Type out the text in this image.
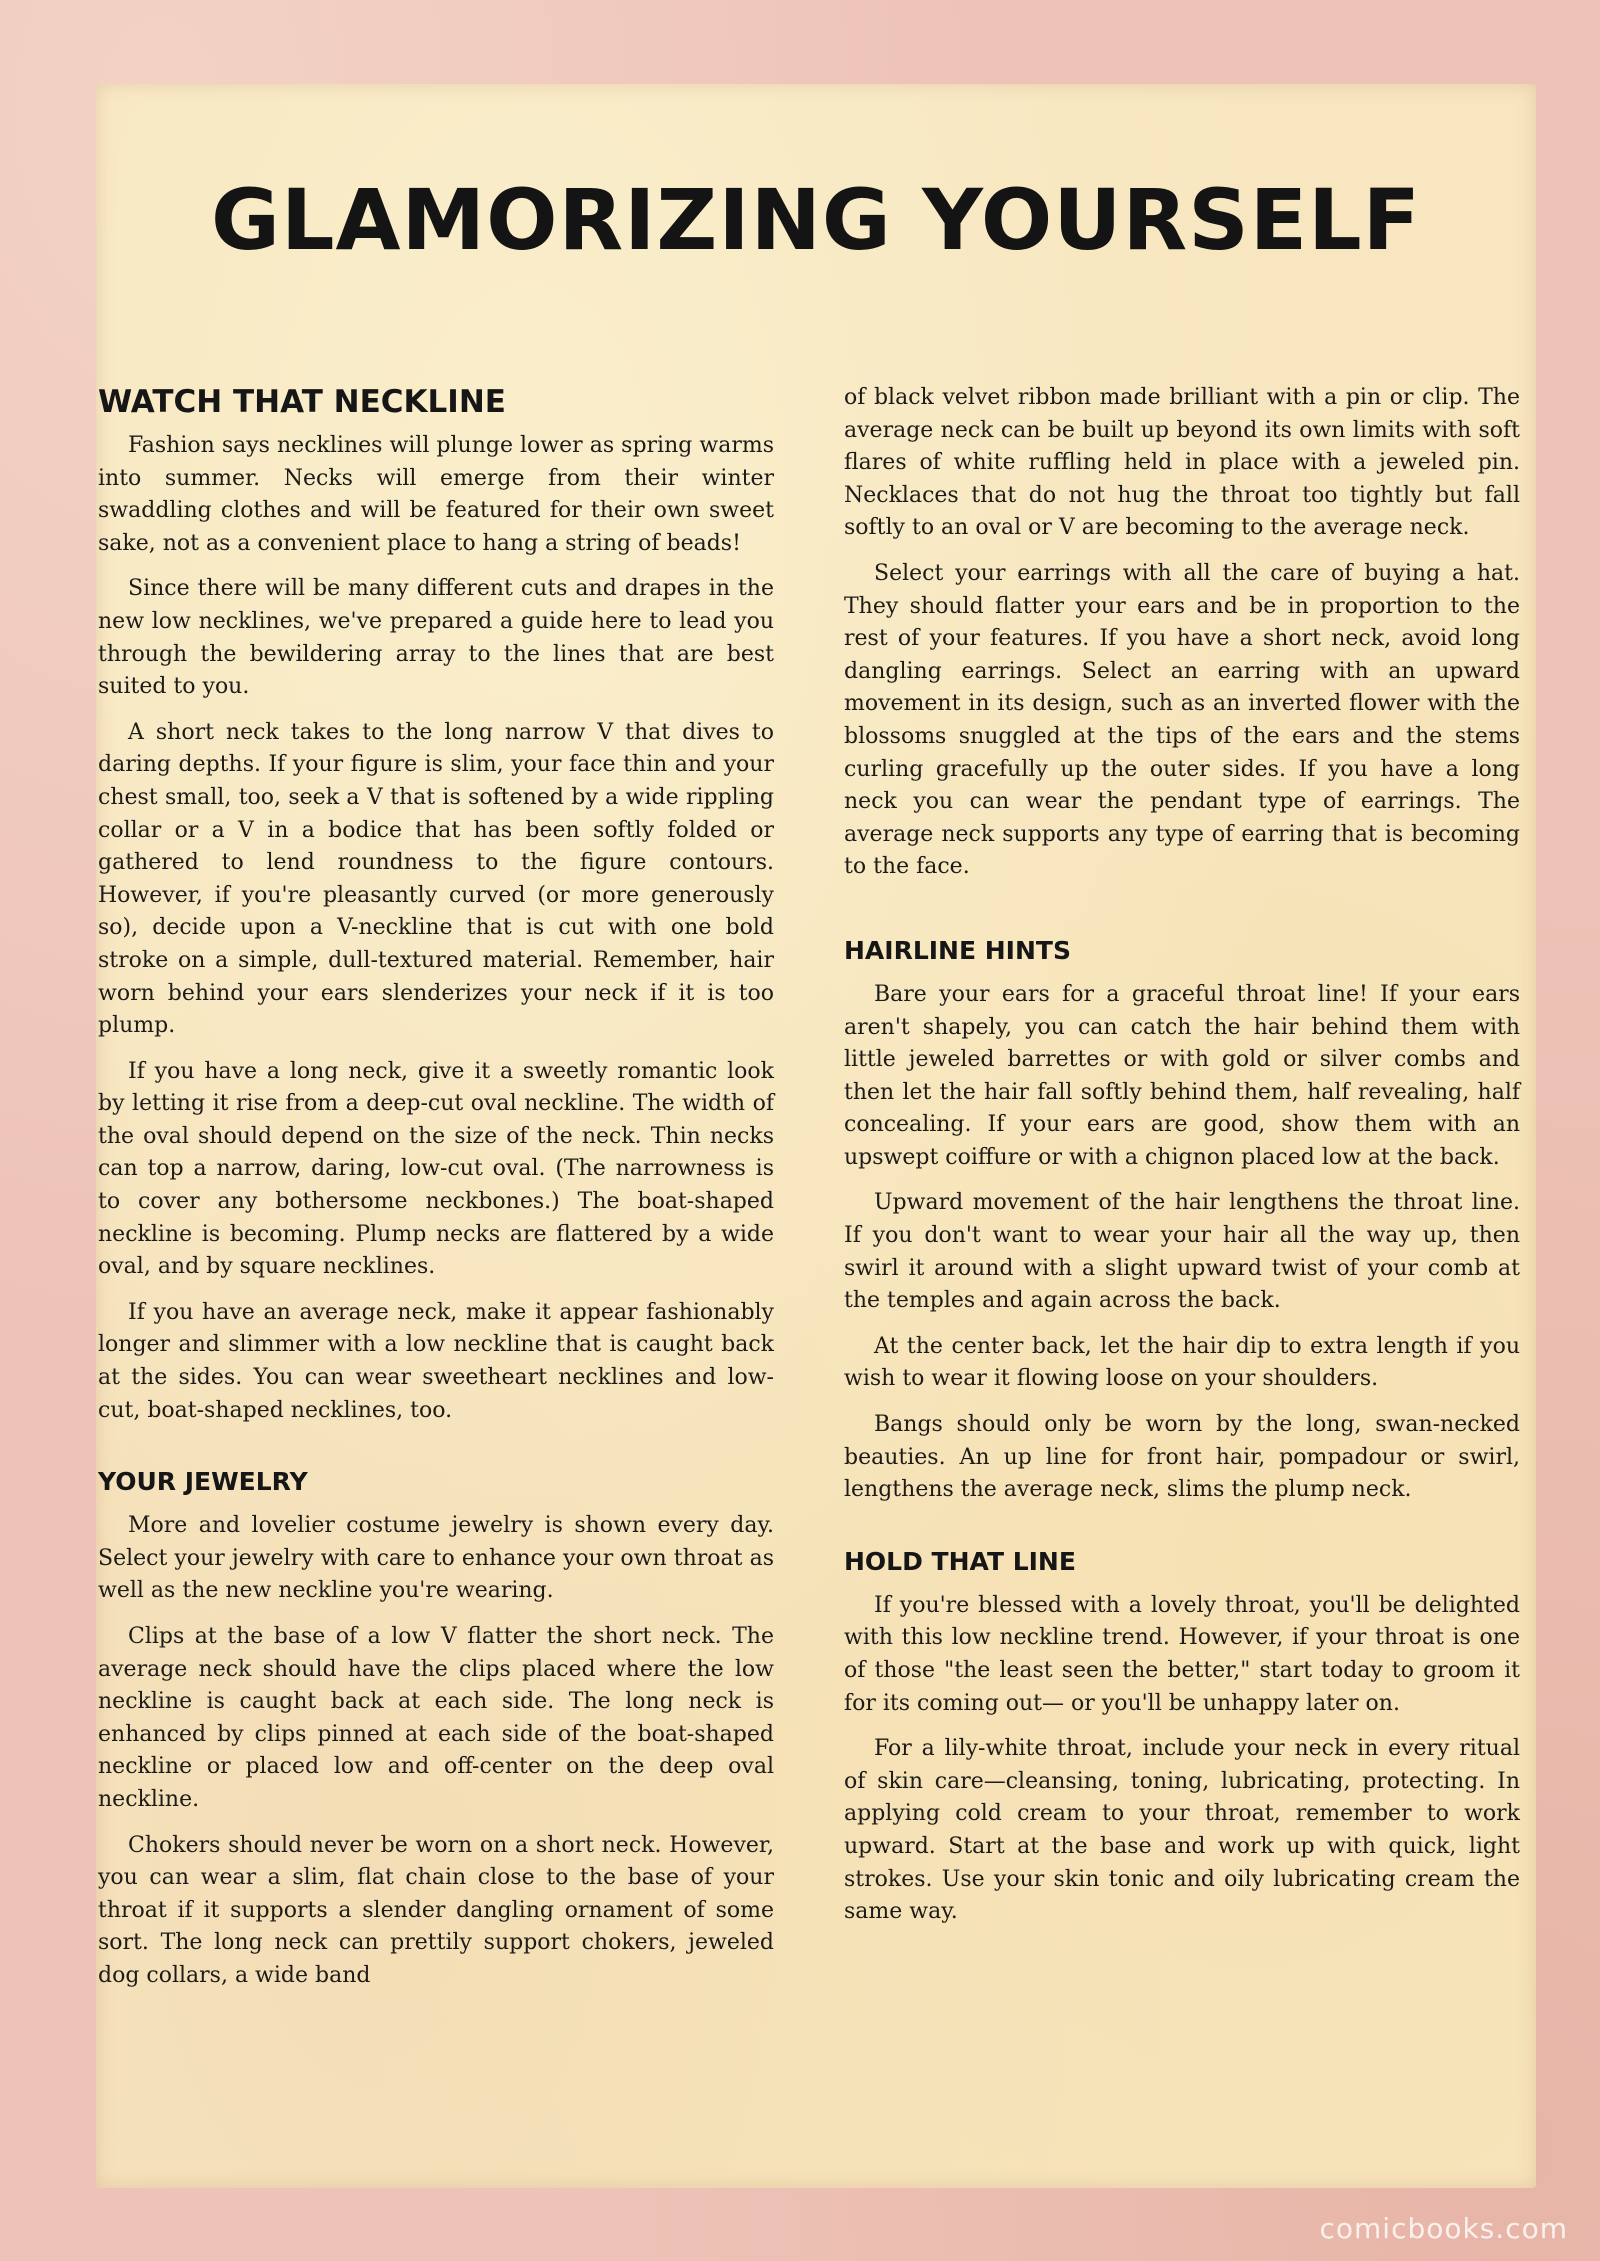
GLAMORIZING YOURSELF
WATCH THAT NECKLINE

Fashion says necklines will plunge lower as spring warms into summer. Necks will emerge from their winter swaddling clothes and will be featured for their own sweet sake, not as a convenient place to hang a string of beads!

Since there will be many different cuts and drapes in the new low necklines, we've prepared a guide here to lead you through the bewildering array to the lines that are best suited to you.

A short neck takes to the long narrow V that dives to daring depths. If your figure is slim, your face thin and your chest small, too, seek a V that is softened by a wide rippling collar or a V in a bodice that has been softly folded or gathered to lend roundness to the figure contours. However, if you're pleasantly curved (or more generously so), decide upon a V-neckline that is cut with one bold stroke on a simple, dull-textured material. Remember, hair worn behind your ears slenderizes your neck if it is too plump.

If you have a long neck, give it a sweetly romantic look by letting it rise from a deep-cut oval neckline. The width of the oval should depend on the size of the neck. Thin necks can top a narrow, daring, low-cut oval. (The narrowness is to cover any bothersome neckbones.) The boat-shaped neckline is becoming. Plump necks are flattered by a wide oval, and by square necklines.

If you have an average neck, make it appear fashionably longer and slimmer with a low neckline that is caught back at the sides. You can wear sweetheart necklines and low-cut, boat-shaped necklines, too.

YOUR JEWELRY

More and lovelier costume jewelry is shown every day. Select your jewelry with care to enhance your own throat as well as the new neckline you're wearing.

Clips at the base of a low V flatter the short neck. The average neck should have the clips placed where the low neckline is caught back at each side. The long neck is enhanced by clips pinned at each side of the boat-shaped neckline or placed low and off-center on the deep oval neckline.

Chokers should never be worn on a short neck. However, you can wear a slim, flat chain close to the base of your throat if it supports a slender dangling ornament of some sort. The long neck can prettily support chokers, jeweled dog collars, a wide band

of black velvet ribbon made brilliant with a pin or clip. The average neck can be built up beyond its own limits with soft flares of white ruffling held in place with a jeweled pin. Necklaces that do not hug the throat too tightly but fall softly to an oval or V are becoming to the average neck.

Select your earrings with all the care of buying a hat. They should flatter your ears and be in proportion to the rest of your features. If you have a short neck, avoid long dangling earrings. Select an earring with an upward movement in its design, such as an inverted flower with the blossoms snuggled at the tips of the ears and the stems curling gracefully up the outer sides. If you have a long neck you can wear the pendant type of earrings. The average neck supports any type of earring that is becoming to the face.

HAIRLINE HINTS

Bare your ears for a graceful throat line! If your ears aren't shapely, you can catch the hair behind them with little jeweled barrettes or with gold or silver combs and then let the hair fall softly behind them, half revealing, half concealing. If your ears are good, show them with an upswept coiffure or with a chignon placed low at the back.

Upward movement of the hair lengthens the throat line. If you don't want to wear your hair all the way up, then swirl it around with a slight upward twist of your comb at the temples and again across the back.

At the center back, let the hair dip to extra length if you wish to wear it flowing loose on your shoulders.

Bangs should only be worn by the long, swan-necked beauties. An up line for front hair, pompadour or swirl, lengthens the average neck, slims the plump neck.

HOLD THAT LINE

If you're blessed with a lovely throat, you'll be delighted with this low neckline trend. However, if your throat is one of those "the least seen the better," start today to groom it for its coming out— or you'll be unhappy later on.

For a lily-white throat, include your neck in every ritual of skin care—cleansing, toning, lubricating, protecting. In applying cold cream to your throat, remember to work upward. Start at the base and work up with quick, light strokes. Use your skin tonic and oily lubricating cream the same way.

comicbooks.com
